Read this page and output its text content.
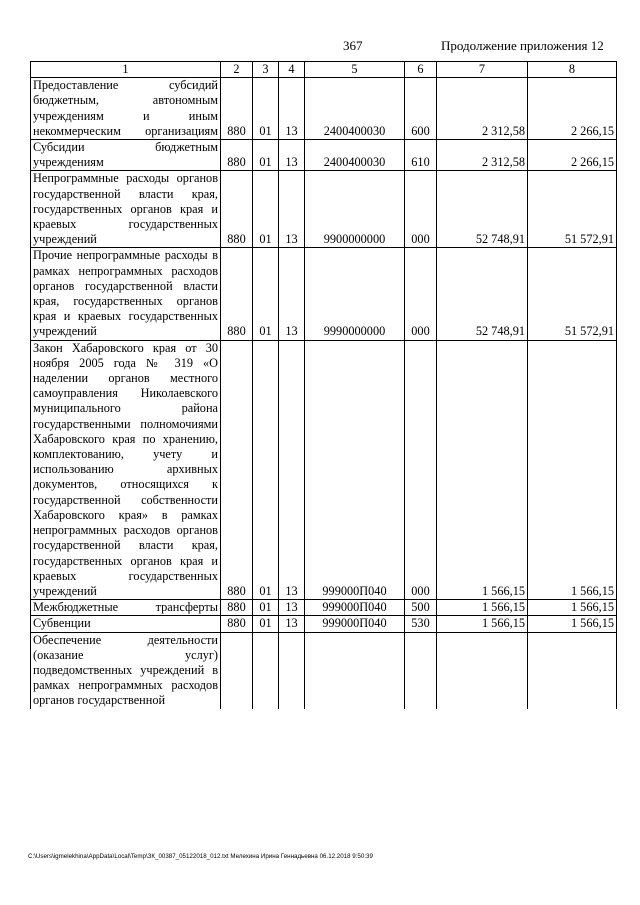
367	Продолжение приложения 12
1	2	3	4	5	6	7	8
Предоставление субсидий бюджетным, автономным учреждениям и иным некоммерческим организациям	880	01	13	2400400030	600	2 312,58	2 266,15
Субсидии бюджетным учреждениям	880	01	13	2400400030	610	2 312,58	2 266,15
Непрограммные расходы органов государственной власти края, государственных органов края и краевых государственных учреждений	880	01	13	9900000000	000	52 748,91	51 572,91
Прочие непрограммные расходы в рамках непрограммных расходов органов государственной власти края, государственных органов края и краевых государственных учреждений	880	01	13	9990000000	000	52 748,91	51 572,91
Закон Хабаровского края от 30 ноября 2005 года № 319 «О наделении органов местного самоуправления Николаевского муниципального района государственными полномочиями Хабаровского края по хранению, комплектованию, учету и использованию архивных документов, относящихся к государственной собственности Хабаровского края» в рамках непрограммных расходов органов государственной власти края, государственных органов края и краевых государственных учреждений	880	01	13	999000П040	000	1 566,15	1 566,15
Межбюджетные трансферты	880	01	13	999000П040	500	1 566,15	1 566,15
Субвенции	880	01	13	999000П040	530	1 566,15	1 566,15
Обеспечение деятельности (оказание услуг) подведомственных учреждений в рамках непрограммных расходов органов государственной							
C:\Users\igmelekhina\AppData\Local\Temp\ЗК_00387_05122018_012.txt Мелехина Ирина Геннадьевна 06.12.2018 9:50:39
